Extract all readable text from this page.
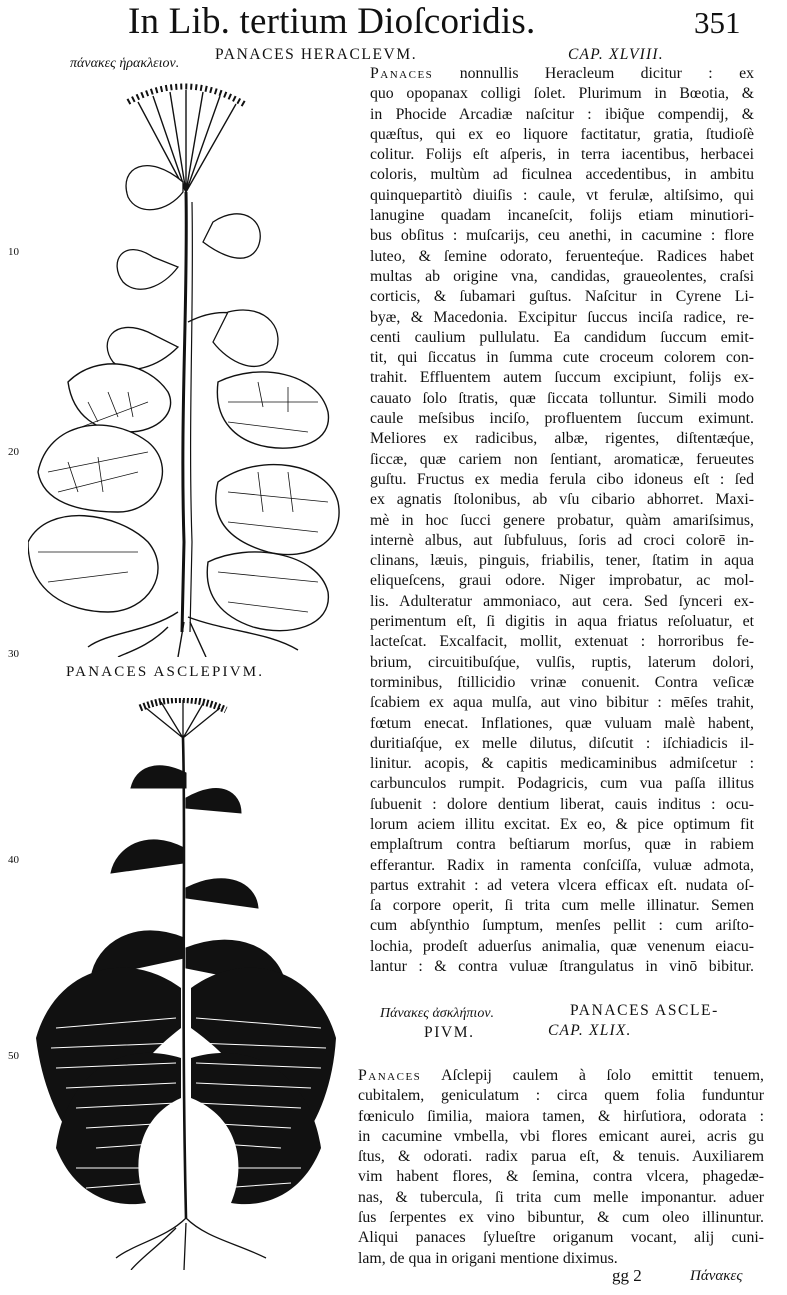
In Lib. tertium Dioſcoridis.	351
πάνακες ἡρακλειον.
PANACES HERACLEVM.	CAP. XLVIII.
10
20
30
40
50
PANACES ASCLEPIVM.
Panaces nonnullis Heracleum dicitur : ex
quo opopanax colligi ſolet. Plurimum in Bœotia, &
in Phocide Arcadiæ naſcitur : ibiq̃ue compendij, &
quæſtus, qui ex eo liquore factitatur, gratia, ſtudioſè
colitur. Folijs eſt aſperis, in terra iacentibus, herbacei
coloris, multùm ad ficulnea accedentibus, in ambitu
quinquepartitò diuiſis : caule, vt ferulæ, altiſsimo, qui
lanugine quadam incaneſcit, folijs etiam minutiori-
bus obſitus : muſcarijs, ceu anethi, in cacumine : flore
luteo, & ſemine odorato, feruenteq́ue. Radices habet
multas ab origine vna, candidas, graueolentes, craſsi
corticis, & ſubamari guſtus. Naſcitur in Cyrene Li-
byæ, & Macedonia. Excipitur ſuccus inciſa radice, re-
centi caulium pullulatu. Ea candidum ſuccum emit-
tit, qui ſiccatus in ſumma cute croceum colorem con-
trahit. Effluentem autem ſuccum excipiunt, folijs ex-
cauato ſolo ſtratis, quæ ſiccata tolluntur. Simili modo
caule meſsibus inciſo, profluentem ſuccum eximunt.
Meliores ex radicibus, albæ, rigentes, diſtentæq́ue,
ſiccæ, quæ cariem non ſentiant, aromaticæ, ferueutes
guſtu. Fructus ex media ferula cibo idoneus eſt : ſed
ex agnatis ſtolonibus, ab vſu cibario abhorret. Maxi-
mè in hoc ſucci genere probatur, quàm amariſsimus,
internè albus, aut ſubfuluus, ſoris ad croci colorē in-
clinans, læuis, pinguis, friabilis, tener, ſtatim in aqua
eliqueſcens, graui odore. Niger improbatur, ac mol-
lis. Adulteratur ammoniaco, aut cera. Sed ſynceri ex-
perimentum eſt, ſi digitis in aqua friatus reſoluatur, et
lacteſcat. Excalfacit, mollit, extenuat : horroribus fe-
brium, circuitibuſq́ue, vulſis, ruptis, laterum dolori,
torminibus, ſtillicidio vrinæ conuenit. Contra veſicæ
ſcabiem ex aqua mulſa, aut vino bibitur : mēſes trahit,
fœtum enecat. Inflationes, quæ vuluam malè habent,
duritiaſq́ue, ex melle dilutus, diſcutit : iſchiadicis il-
linitur. acopis, & capitis medicaminibus admiſcetur :
carbunculos rumpit. Podagricis, cum vua paſſa illitus
ſubuenit : dolore dentium liberat, cauis inditus : ocu-
lorum aciem illitu excitat. Ex eo, & pice optimum fit
emplaſtrum contra beſtiarum morſus, quæ in rabiem
efferantur. Radix in ramenta conſciſſa, vuluæ admota,
partus extrahit : ad vetera vlcera efficax eſt. nudata oſ-
ſa corpore operit, ſi trita cum melle illinatur. Semen
cum abſynthio ſumptum, menſes pellit : cum ariſto-
lochia, prodeſt aduerſus animalia, quæ venenum eiacu-
lantur : & contra vuluæ ſtrangulatus in vinō bibitur.
Πάνακες ἀσκλήπιον.	PANACES ASCLE-
PIVM.	CAP. XLIX.
Panaces Aſclepij caulem à ſolo emittit tenuem,
cubitalem, geniculatum : circa quem folia funduntur
fœniculo ſimilia, maiora tamen, & hirſutiora, odorata :
in cacumine vmbella, vbi flores emicant aurei, acris gu
ſtus, & odorati. radix parua eſt, & tenuis. Auxiliarem
vim habent flores, & ſemina, contra vlcera, phagedæ-
nas, & tubercula, ſi trita cum melle imponantur. aduer
ſus ſerpentes ex vino bibuntur, & cum oleo illinuntur.
Aliqui panaces ſylueſtre origanum vocant, alij cuni-
lam, de qua in origani mentione diximus.
gg 2	Πάνακες
